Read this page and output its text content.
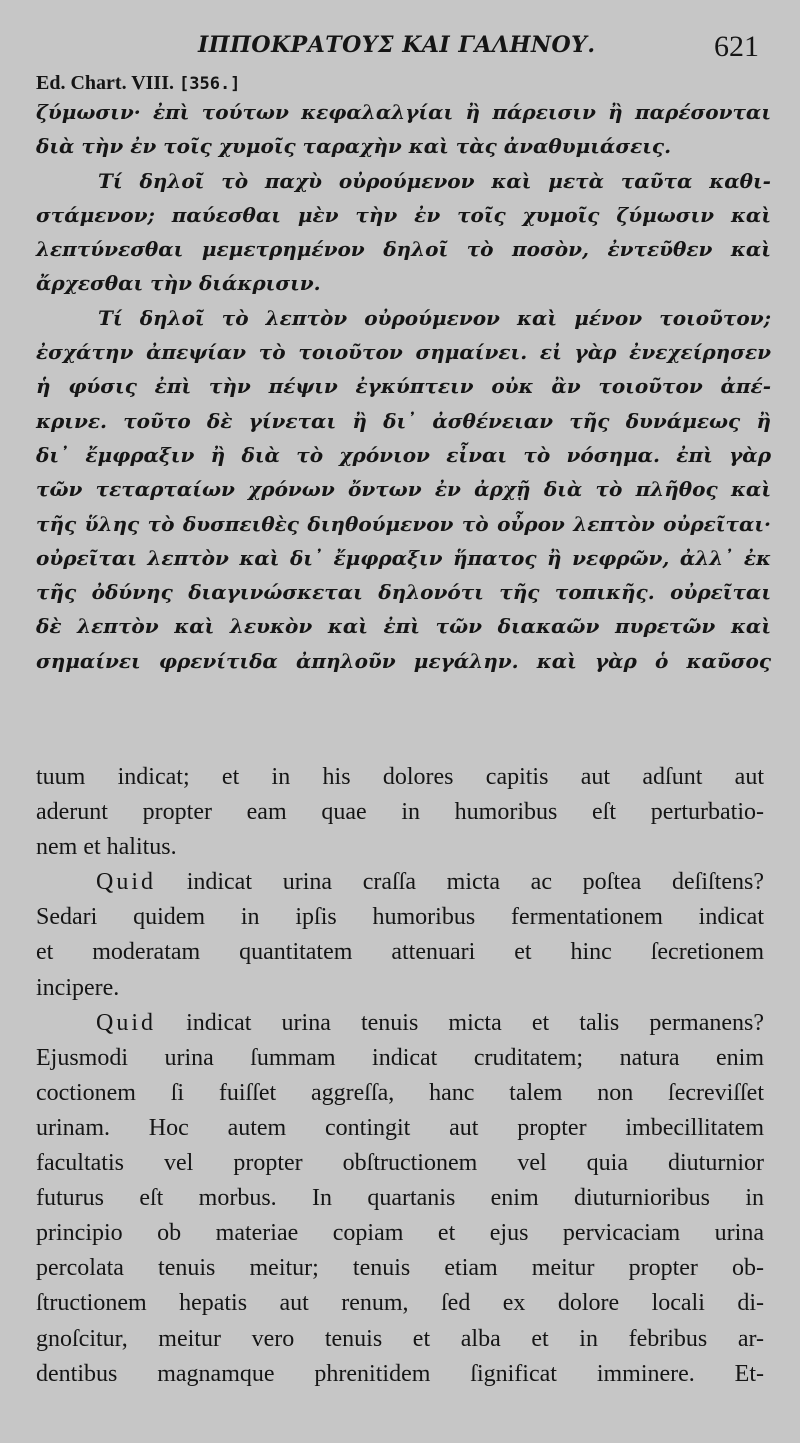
ΙΠΠΟΚΡΑΤΟΥΣ ΚΑΙ ΓΑΛΗΝΟΥ.	621
Ed. Chart. VIII. [356.]
ζύμωσιν· ἐπὶ τούτων κεφαλαλγίαι ἢ πάρεισιν ἢ παρέσονται
διὰ τὴν ἐν τοῖς χυμοῖς ταραχὴν καὶ τὰς ἀναθυμιάσεις.
Τί δηλοῖ τὸ παχὺ οὐρούμενον καὶ μετὰ ταῦτα καθι-
στάμενον; παύεσθαι μὲν τὴν ἐν τοῖς χυμοῖς ζύμωσιν καὶ
λεπτύνεσθαι μεμετρημένον δηλοῖ τὸ ποσὸν, ἐντεῦθεν καὶ
ἄρχεσθαι τὴν διάκρισιν.
Τί δηλοῖ τὸ λεπτὸν οὐρούμενον καὶ μένον τοιοῦτον;
ἐσχάτην ἀπεψίαν τὸ τοιοῦτον σημαίνει. εἰ γὰρ ἐνεχείρησεν
ἡ φύσις ἐπὶ τὴν πέψιν ἐγκύπτειν οὐκ ἂν τοιοῦτον ἀπέ-
κρινε. τοῦτο δὲ γίνεται ἢ δι᾽ ἀσθένειαν τῆς δυνάμεως ἢ
δι᾽ ἔμφραξιν ἢ διὰ τὸ χρόνιον εἶναι τὸ νόσημα. ἐπὶ γὰρ
τῶν τεταρταίων χρόνων ὄντων ἐν ἀρχῇ διὰ τὸ πλῆθος καὶ
τῆς ὕλης τὸ δυσπειθὲς διηθούμενον τὸ οὖρον λεπτὸν οὐρεῖται·
οὐρεῖται λεπτὸν καὶ δι᾽ ἔμφραξιν ἥπατος ἢ νεφρῶν, ἀλλ᾽ ἐκ
τῆς ὀδύνης διαγινώσκεται δηλονότι τῆς τοπικῆς. οὐρεῖται
δὲ λεπτὸν καὶ λευκὸν καὶ ἐπὶ τῶν διακαῶν πυρετῶν καὶ
σημαίνει φρενίτιδα ἀπηλοῦν μεγάλην. καὶ γὰρ ὁ καῦσος
tuum indicat; et in his dolores capitis aut adſunt aut
aderunt propter eam quae in humoribus eſt perturbatio-
nem et halitus.
Quid indicat urina craſſa micta ac poſtea deſiſtens?
Sedari quidem in ipſis humoribus fermentationem indicat
et moderatam quantitatem attenuari et hinc ſecretionem
incipere.
Quid indicat urina tenuis micta et talis permanens?
Ejusmodi urina ſummam indicat cruditatem; natura enim
coctionem ſi fuiſſet aggreſſa, hanc talem non ſecreviſſet
urinam. Hoc autem contingit aut propter imbecillitatem
facultatis vel propter obſtructionem vel quia diuturnior
futurus eſt morbus. In quartanis enim diuturnioribus in
principio ob materiae copiam et ejus pervicaciam urina
percolata tenuis meitur; tenuis etiam meitur propter ob-
ſtructionem hepatis aut renum, ſed ex dolore locali di-
gnoſcitur, meitur vero tenuis et alba et in febribus ar-
dentibus magnamque phrenitidem ſignificat imminere. Et-
